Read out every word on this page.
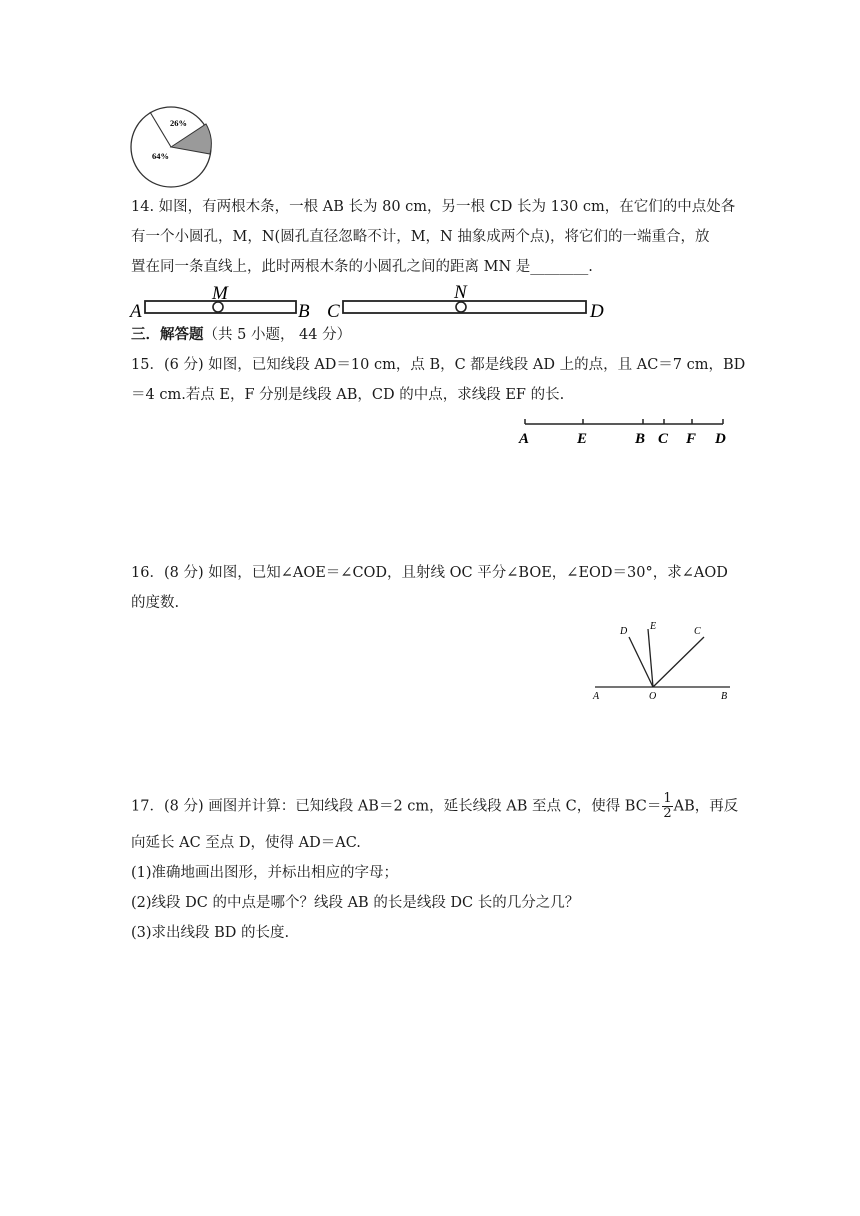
26%
64%
14. 如图，有两根木条，一根 AB 长为 80 cm，另一根 CD 长为 130 cm，在它们的中点处各
有一个小圆孔，M，N(圆孔直径忽略不计，M，N 抽象成两个点)，将它们的一端重合，放
置在同一条直线上，此时两根木条的小圆孔之间的距离 MN 是________.
A
M
B C
N
D
三．解答题（共 5 小题， 44 分）
15．(6 分) 如图，已知线段 AD＝10 cm，点 B，C 都是线段 AD 上的点，且 AC＝7 cm，BD
＝4 cm.若点 E，F 分别是线段 AB，CD 的中点，求线段 EF 的长.
A	E	B C F D
16．(8 分) 如图，已知∠AOE＝∠COD，且射线 OC 平分∠BOE，∠EOD＝30°，求∠AOD
的度数.
D E	C
A	O	B
17．(8 分) 画图并计算：已知线段 AB＝2 cm，延长线段 AB 至点 C，使得 $BC= \frac{1}{2}$ AB，再反
向延长 AC 至点 D，使得 AD＝AC.
(1)准确地画出图形，并标出相应的字母；
(2)线段 DC 的中点是哪个？线段 AB 的长是线段 DC 长的几分之几？
(3)求出线段 BD 的长度.
